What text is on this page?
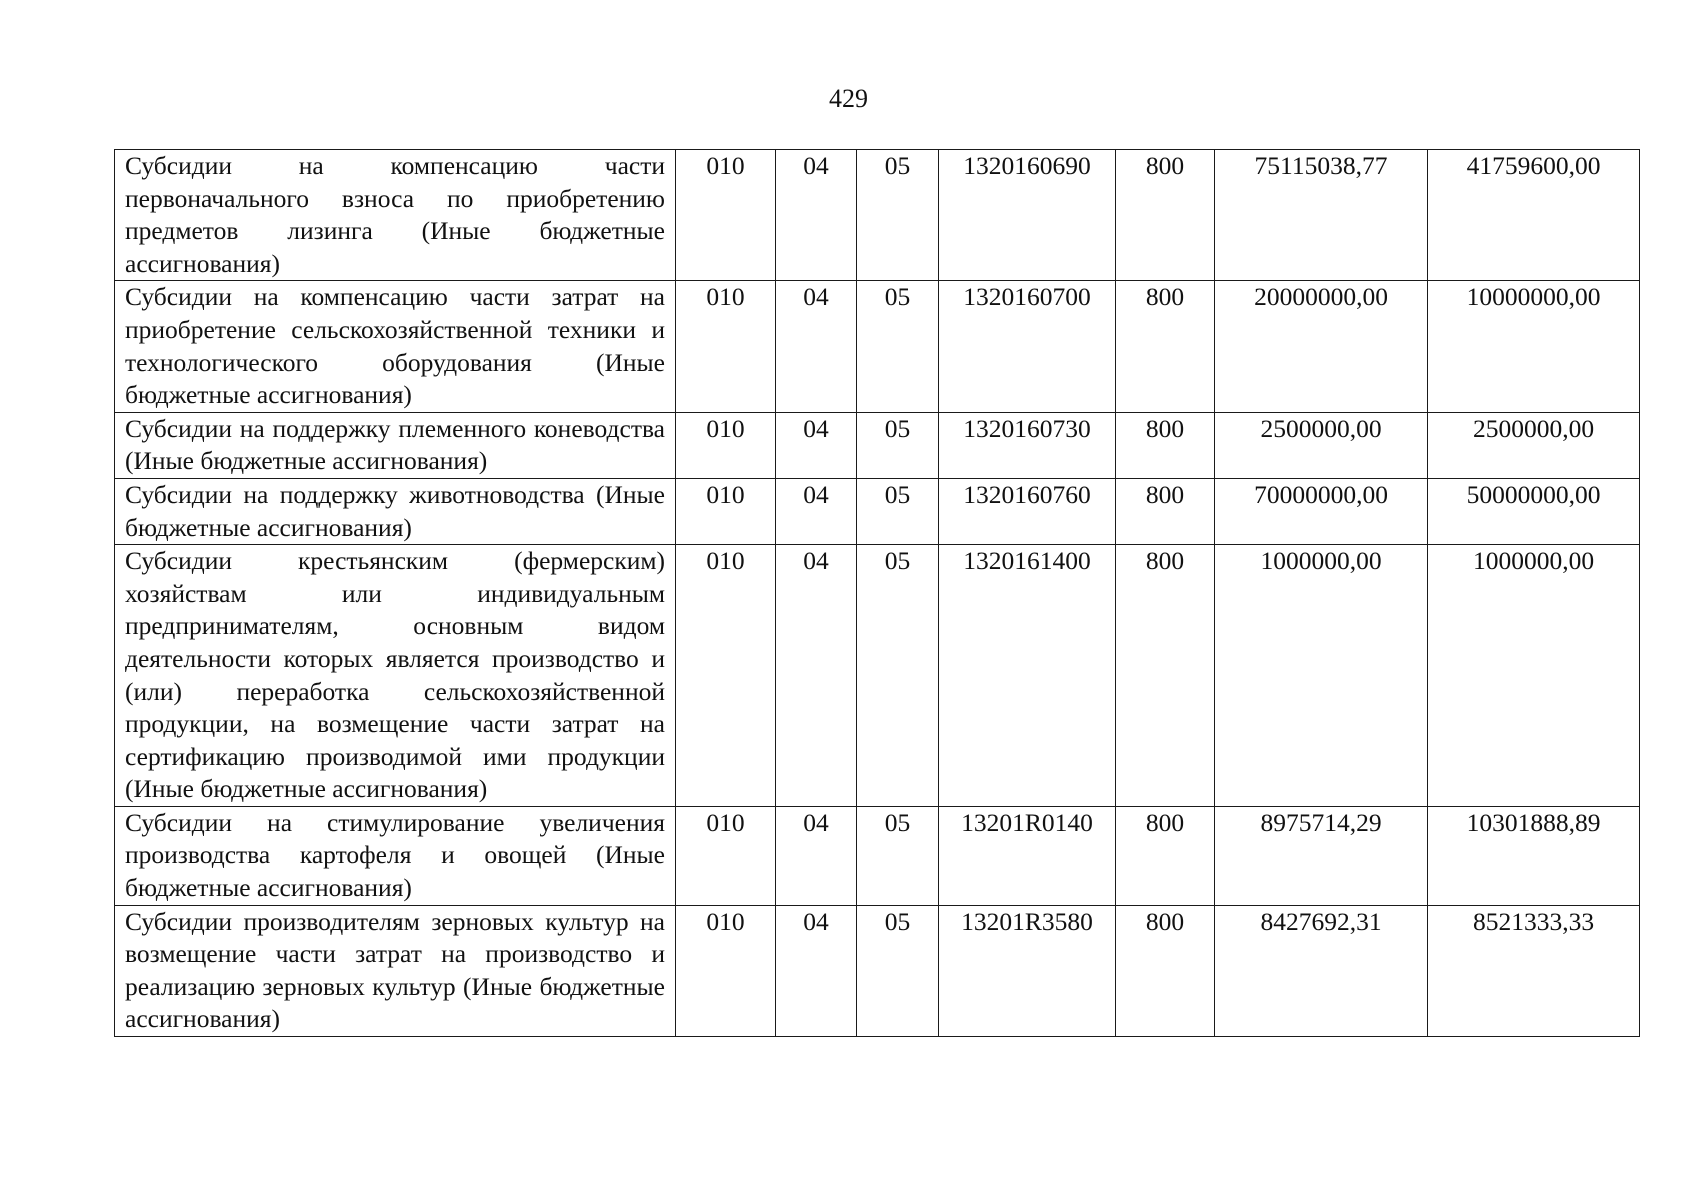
429
Субсидии на компенсацию части первоначального взноса по приобретению предметов лизинга (Иные бюджетные ассигнования)	010	04	05	1320160690	800	75115038,77	41759600,00
Субсидии на компенсацию части затрат на приобретение сельскохозяйственной техники и технологического оборудования (Иные бюджетные ассигнования)	010	04	05	1320160700	800	20000000,00	10000000,00
Субсидии на поддержку племенного коневодства (Иные бюджетные ассигнования)	010	04	05	1320160730	800	2500000,00	2500000,00
Субсидии на поддержку животноводства (Иные бюджетные ассигнования)	010	04	05	1320160760	800	70000000,00	50000000,00
Субсидии крестьянским (фермерским) хозяйствам или индивидуальным предпринимателям, основным видом деятельности которых является производство и (или) переработка сельскохозяйственной продукции, на возмещение части затрат на сертификацию производимой ими продукции (Иные бюджетные ассигнования)	010	04	05	1320161400	800	1000000,00	1000000,00
Субсидии на стимулирование увеличения производства картофеля и овощей (Иные бюджетные ассигнования)	010	04	05	13201R0140	800	8975714,29	10301888,89
Субсидии производителям зерновых культур на возмещение части затрат на производство и реализацию зерновых культур (Иные бюджетные ассигнования)	010	04	05	13201R3580	800	8427692,31	8521333,33
